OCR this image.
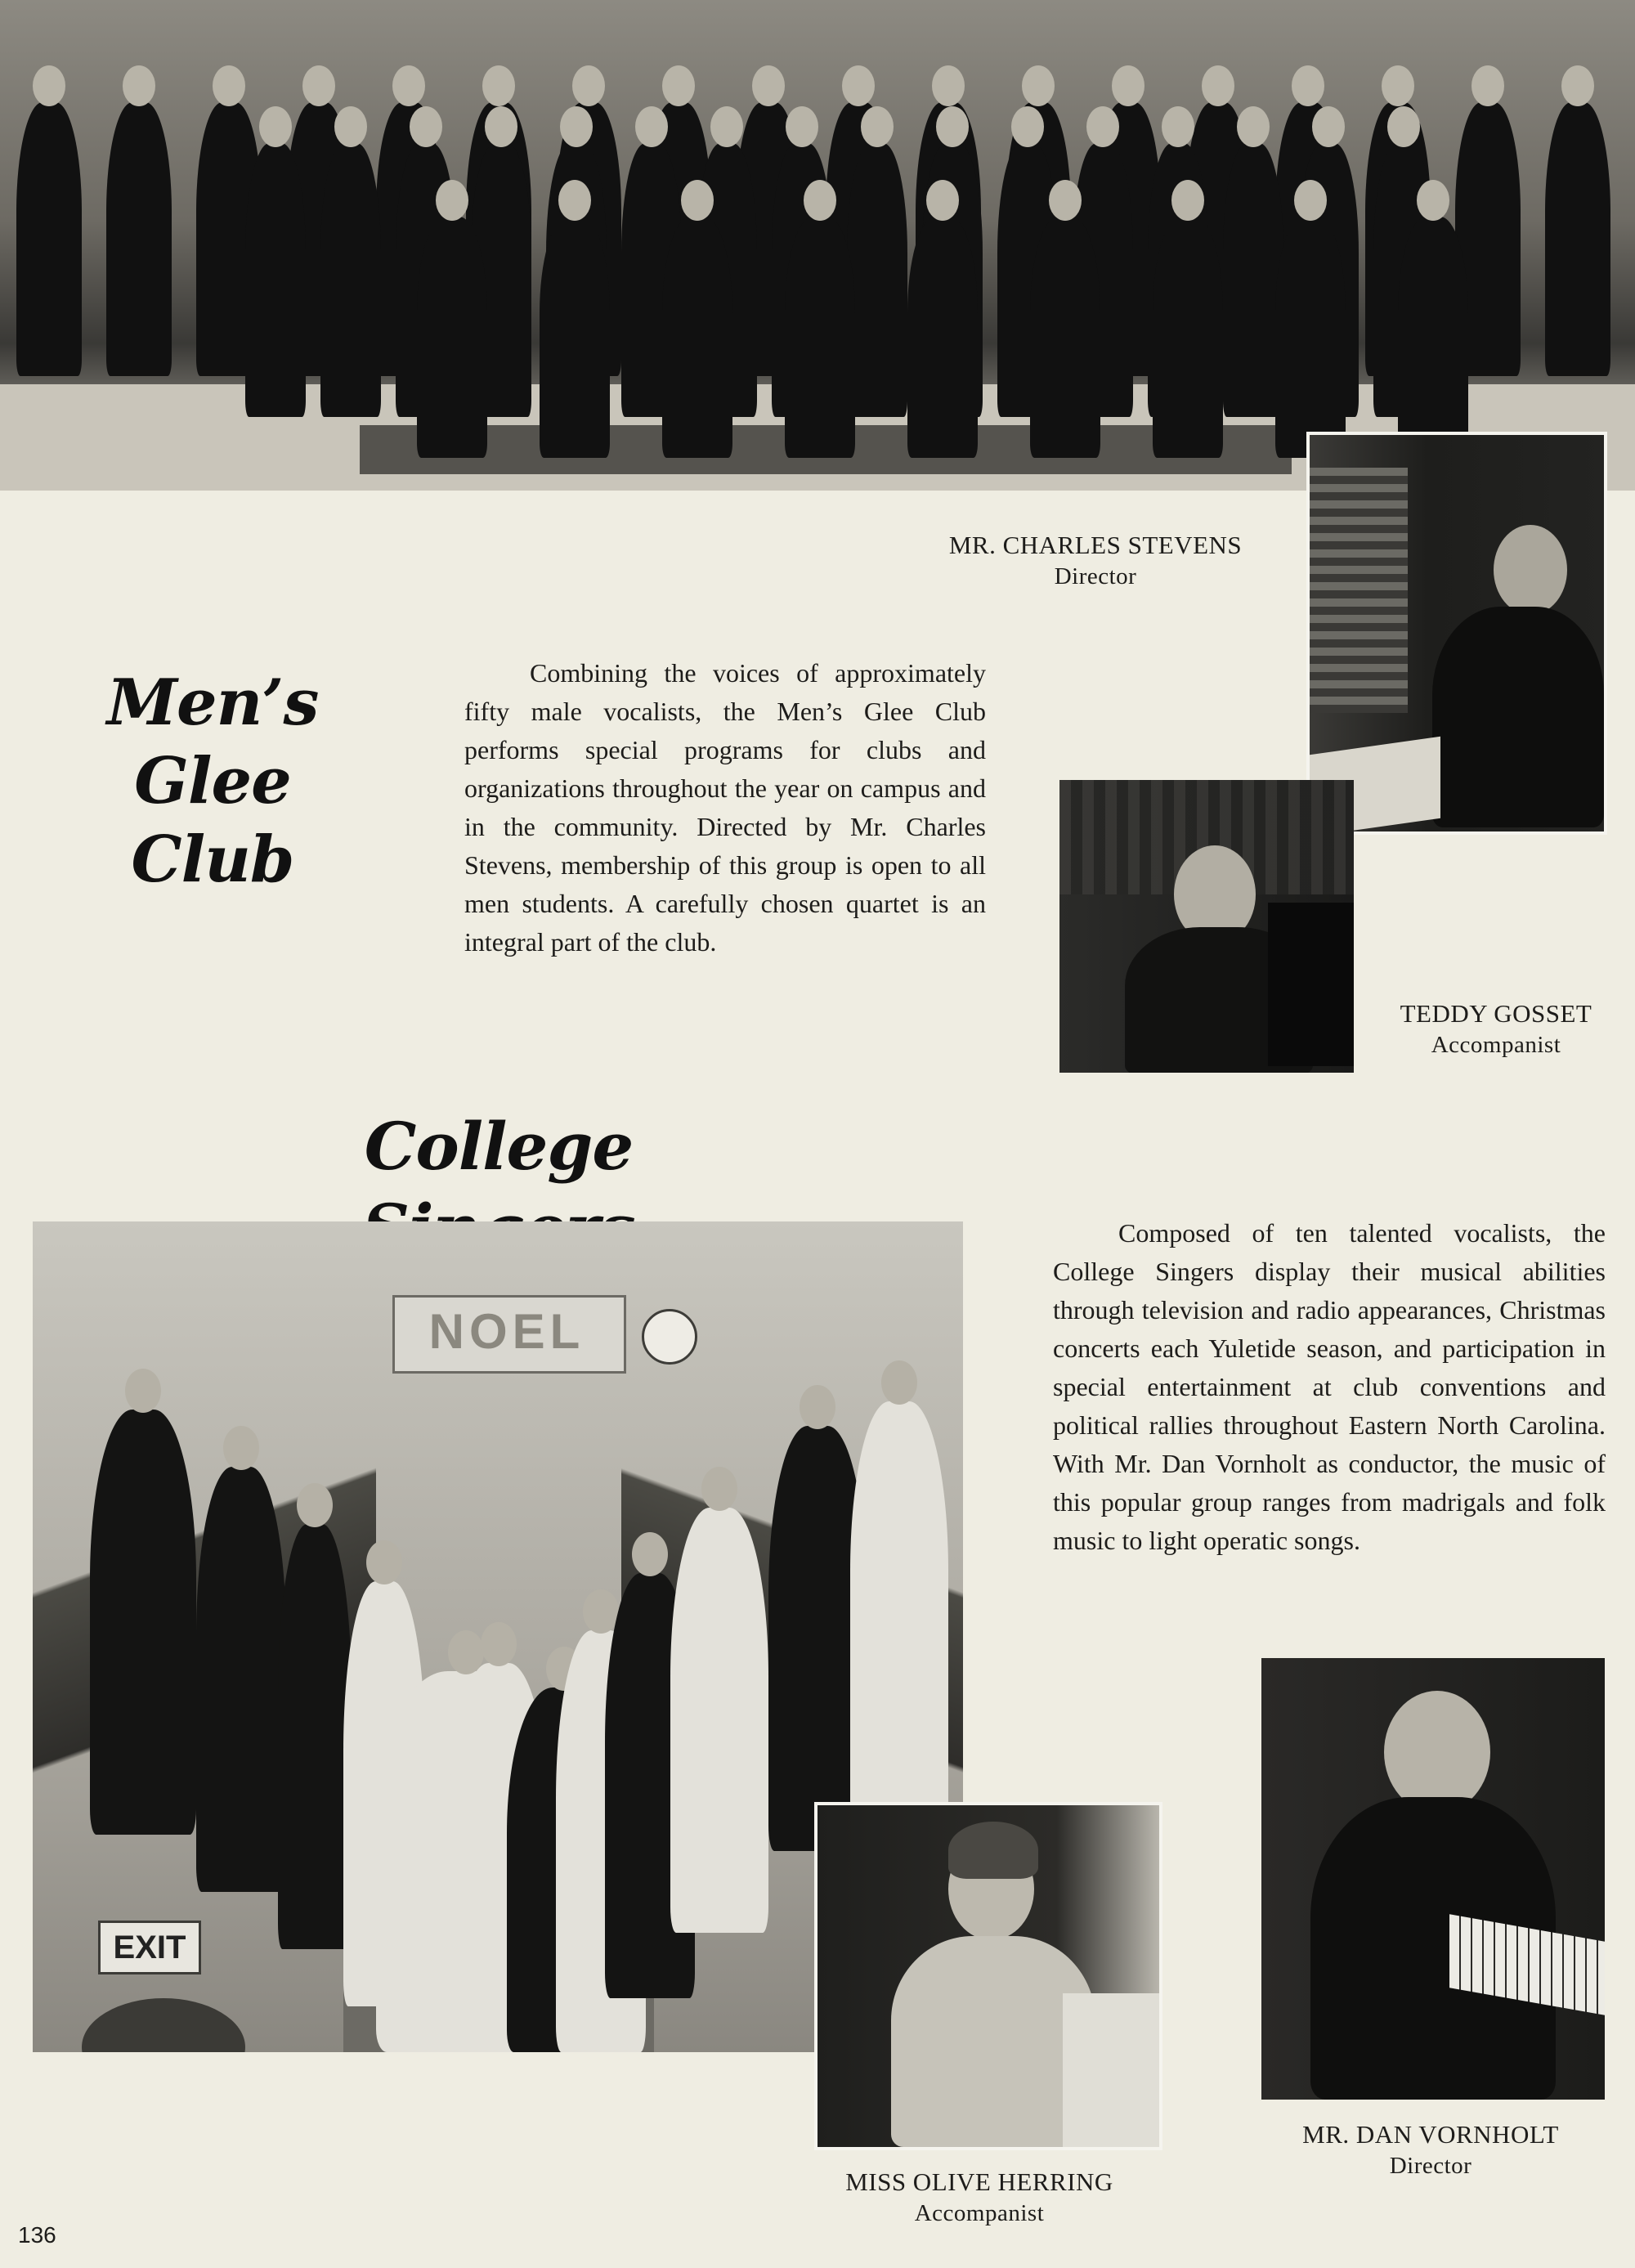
MR. CHARLES STEVENS
Director
Men’s Glee
Club

Combining the voices of approximately fifty male vocalists, the Men’s Glee Club performs special programs for clubs and organizations throughout the year on campus and in the community. Directed by Mr. Charles Stevens, membership of this group is open to all men students. A carefully chosen quartet is an integral part of the club.

TEDDY GOSSET
Accompanist
College
NOEL
EXIT

Composed of ten talented vocalists, the College Singers display their musical abilities through television and radio appearances, Christmas concerts each Yuletide season, and participation in special entertainment at club conventions and political rallies throughout Eastern North Carolina. With Mr. Dan Vornholt as conductor, the music of this popular group ranges from madrigals and folk music to light operatic songs.

MISS OLIVE HERRING
Accompanist
MR. DAN VORNHOLT
Director
136
